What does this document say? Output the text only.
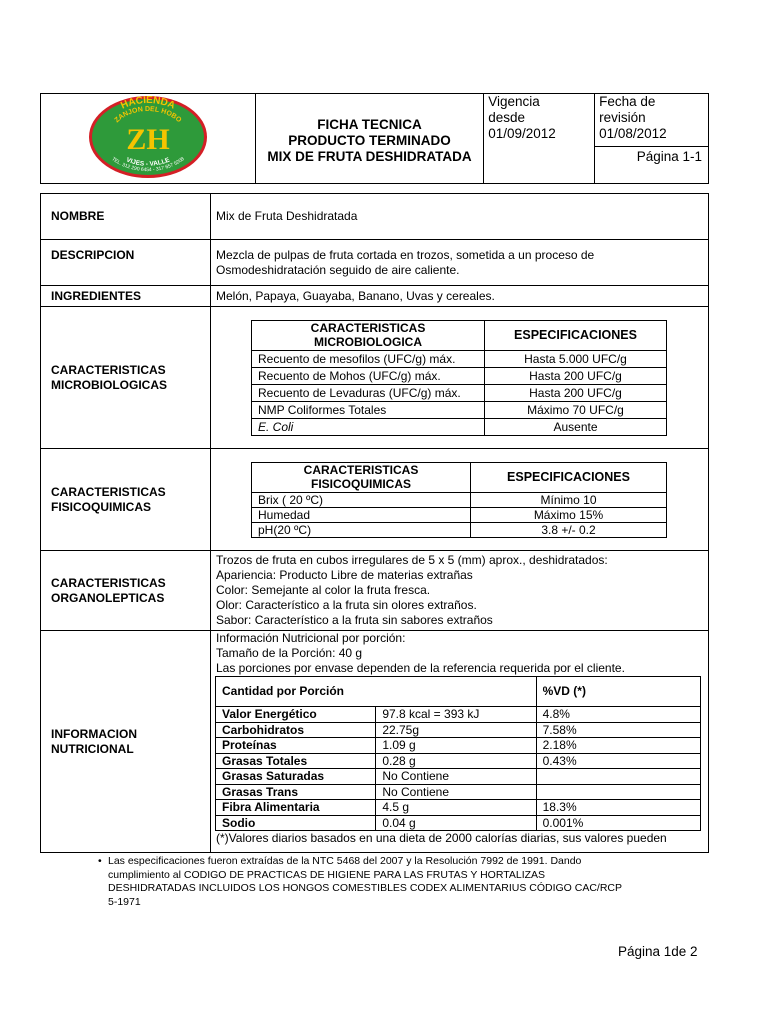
HACIENDA
ZANJON DEL HOBO
ZH
VIJES - VALLE
TEL. 312 290 6454 - 317 657 5208

FICHA TECNICA
PRODUCTO TERMINADO
MIX DE FRUTA DESHIDRATADA

Vigencia
desde
01/09/2012

Fecha de
revisión
01/08/2012

Página 1-1
NOMBRE	Mix de Fruta Deshidratada
DESCRIPCION	Mezcla de pulpas de fruta cortada en trozos, sometida a un proceso de
Osmodeshidratación seguido de aire caliente.

INGREDIENTES	Melón, Papaya, Guayaba, Banano, Uvas y cereales.

CARACTERISTICAS
MICROBIOLOGICAS

CARACTERISTICAS
MICROBIOLOGICA	ESPECIFICACIONES
Recuento de mesofilos (UFC/g) máx.	Hasta 5.000 UFC/g
Recuento de Mohos (UFC/g) máx.	Hasta 200 UFC/g
Recuento de Levaduras (UFC/g) máx.	Hasta 200 UFC/g
NMP Coliformes Totales	Máximo 70 UFC/g
E. Coli	Ausente

CARACTERISTICAS
FISICOQUIMICAS

CARACTERISTICAS
FISICOQUIMICAS	ESPECIFICACIONES
Brix ( 20 ºC)	Mínimo 10
Humedad	Máximo 15%
pH(20 ºC)	3.8 +/- 0.2

CARACTERISTICAS
ORGANOLEPTICAS

Trozos de fruta en cubos irregulares de 5 x 5 (mm) aprox., deshidratados:
Apariencia: Producto Libre de materias extrañas
Color: Semejante al color la fruta fresca.
Olor: Característico a la fruta sin olores extraños.
Sabor: Característico a la fruta sin sabores extraños

INFORMACION
NUTRICIONAL

Información Nutricional por porción:
Tamaño de la Porción: 40 g
Las porciones por envase dependen de la referencia requerida por el cliente.
Cantidad por Porción	%VD (*)
Valor Energético	97.8 kcal = 393 kJ	4.8%
Carbohidratos	22.75g	7.58%
Proteínas	1.09 g	2.18%
Grasas Totales	0.28 g	0.43%
Grasas Saturadas	No Contiene	
Grasas Trans	No Contiene	
Fibra Alimentaria	4.5 g	18.3%
Sodio	0.04 g	0.001%
(*)Valores diarios basados en una dieta de 2000 calorías diarias, sus valores pueden
• Las especificaciones fueron extraídas de la NTC 5468 del 2007 y la Resolución 7992 de 1991. Dando
cumplimiento al CODIGO DE PRACTICAS DE HIGIENE PARA LAS FRUTAS Y HORTALIZAS
DESHIDRATADAS INCLUIDOS LOS HONGOS COMESTIBLES CODEX ALIMENTARIUS CÓDIGO CAC/RCP
5-1971
Página 1de 2
